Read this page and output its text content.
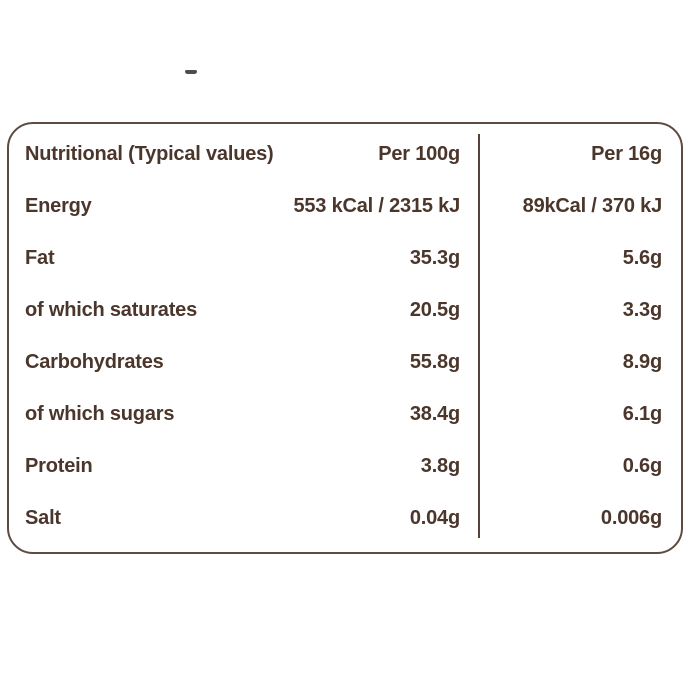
Nutritional (Typical values)	Per 100g	Per 16g
Energy	553 kCal / 2315 kJ	89kCal / 370 kJ
Fat	35.3g	5.6g
of which saturates	20.5g	3.3g
Carbohydrates	55.8g	8.9g
of which sugars	38.4g	6.1g
Protein	3.8g	0.6g
Salt	0.04g	0.006g
